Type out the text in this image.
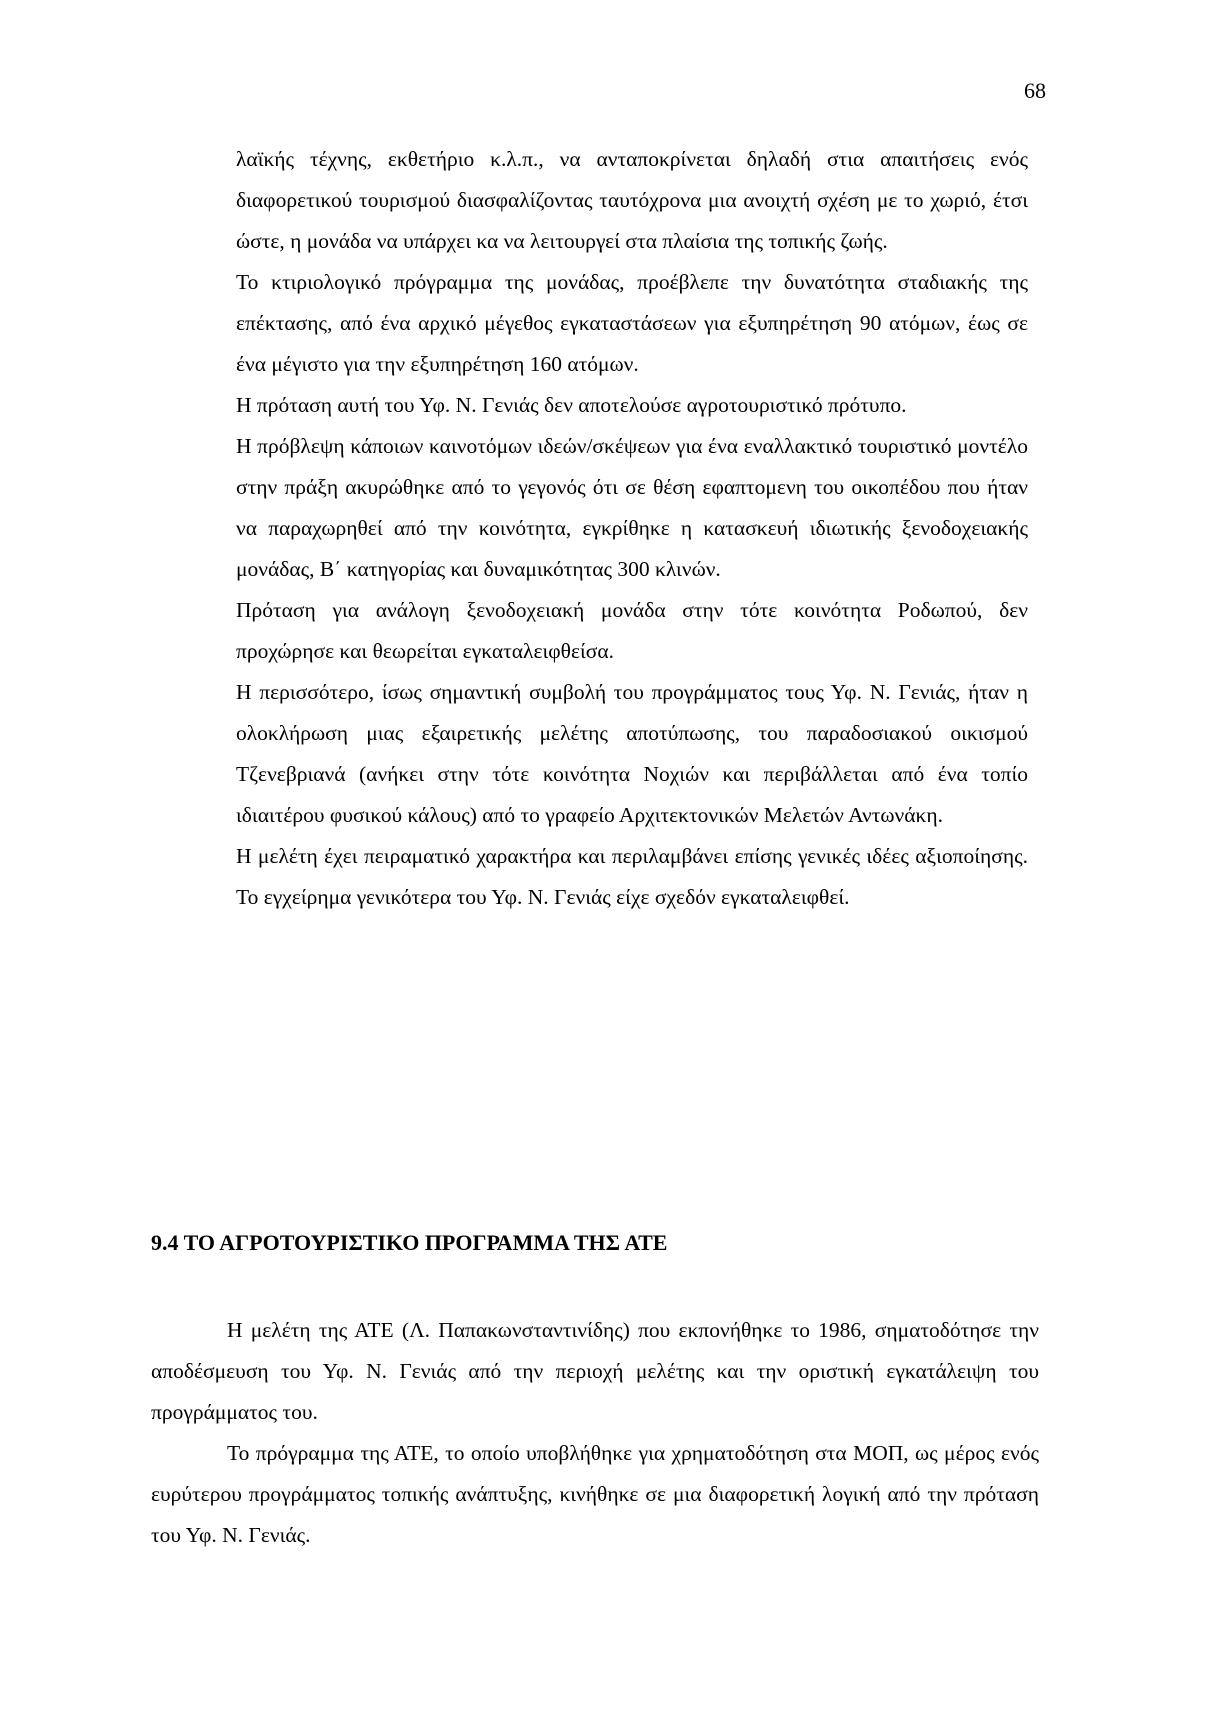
68

λαϊκής τέχνης, εκθετήριο κ.λ.π., να ανταποκρίνεται δηλαδή στια απαιτήσεις ενός διαφορετικού τουρισμού διασφαλίζοντας ταυτόχρονα μια ανοιχτή σχέση με το χωριό, έτσι ώστε, η μονάδα να υπάρχει κα να λειτουργεί στα πλαίσια της τοπικής ζωής.

Το κτιριολογικό πρόγραμμα της μονάδας, προέβλεπε την δυνατότητα σταδιακής της επέκτασης, από ένα αρχικό μέγεθος εγκαταστάσεων για εξυπηρέτηση 90 ατόμων, έως σε ένα μέγιστο για την εξυπηρέτηση 160 ατόμων.

Η πρόταση αυτή του Υφ. Ν. Γενιάς δεν αποτελούσε αγροτουριστικό πρότυπο.

Η πρόβλεψη κάποιων καινοτόμων ιδεών/σκέψεων για ένα εναλλακτικό τουριστικό μοντέλο στην πράξη ακυρώθηκε από το γεγονός ότι σε θέση εφαπτομενη του οικοπέδου που ήταν να παραχωρηθεί από την κοινότητα, εγκρίθηκε η κατασκευή ιδιωτικής ξενοδοχειακής μονάδας, Β΄ κατηγορίας και δυναμικότητας 300 κλινών.

Πρόταση για ανάλογη ξενοδοχειακή μονάδα στην τότε κοινότητα Ροδωπού, δεν προχώρησε και θεωρείται εγκαταλειφθείσα.

Η περισσότερο, ίσως σημαντική συμβολή του προγράμματος τους Υφ. Ν. Γενιάς, ήταν η ολοκλήρωση μιας εξαιρετικής μελέτης αποτύπωσης, του παραδοσιακού οικισμού Τζενεβριανά (ανήκει στην τότε κοινότητα Νοχιών και περιβάλλεται από ένα τοπίο ιδιαιτέρου φυσικού κάλους) από το γραφείο Αρχιτεκτονικών Μελετών Αντωνάκη.

Η μελέτη έχει πειραματικό χαρακτήρα και περιλαμβάνει επίσης γενικές ιδέες αξιοποίησης. Το εγχείρημα γενικότερα του Υφ. Ν. Γενιάς είχε σχεδόν εγκαταλειφθεί.

9.4 ΤΟ ΑΓΡΟΤΟΥΡΙΣΤΙΚΟ ΠΡΟΓΡΑΜΜΑ ΤΗΣ ΑΤΕ

Η μελέτη της ΑΤΕ (Λ. Παπακωνσταντινίδης) που εκπονήθηκε το 1986, σηματοδότησε την αποδέσμευση του Υφ. Ν. Γενιάς από την περιοχή μελέτης και την οριστική εγκατάλειψη του προγράμματος του.

Το πρόγραμμα της ΑΤΕ, το οποίο υποβλήθηκε για χρηματοδότηση στα ΜΟΠ, ως μέρος ενός ευρύτερου προγράμματος τοπικής ανάπτυξης, κινήθηκε σε μια διαφορετική λογική από την πρόταση του Υφ. Ν. Γενιάς.
